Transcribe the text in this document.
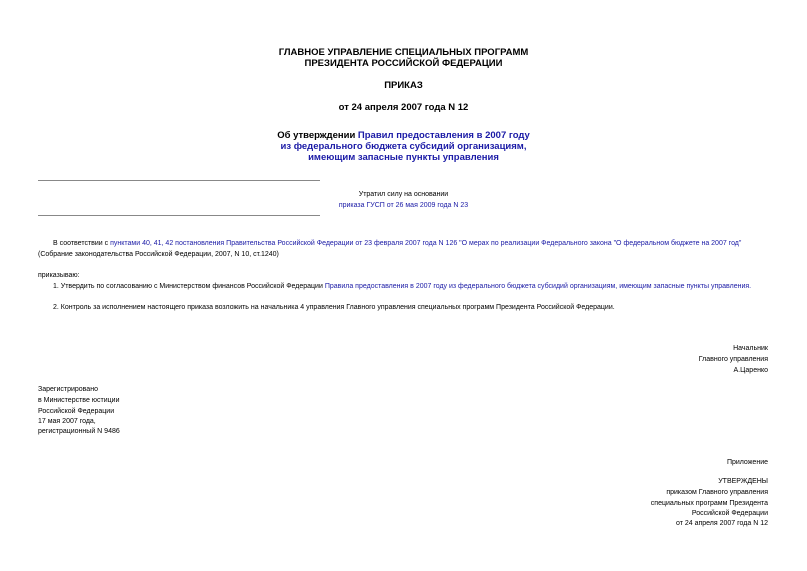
ГЛАВНОЕ УПРАВЛЕНИЕ СПЕЦИАЛЬНЫХ ПРОГРАММ
ПРЕЗИДЕНТА РОССИЙСКОЙ ФЕДЕРАЦИИ
ПРИКАЗ
от 24 апреля 2007 года N 12
Об утверждении Правил предоставления в 2007 году
из федерального бюджета субсидий организациям,
имеющим запасные пункты управления
Утратил силу на основании
приказа ГУСП от 26 мая 2009 года N 23
В соответствии с пунктами 40, 41, 42 постановления Правительства Российской Федерации от 23 февраля 2007 года N 126 "О мерах по реализации Федерального закона "О федеральном бюджете на 2007 год"
(Собрание законодательства Российской Федерации, 2007, N 10, ст.1240)
приказываю:
1. Утвердить по согласованию с Министерством финансов Российской Федерации Правила предоставления в 2007 году из федерального бюджета субсидий организациям, имеющим запасные пункты управления.
2. Контроль за исполнением настоящего приказа возложить на начальника 4 управления Главного управления специальных программ Президента Российской Федерации.
Начальник
Главного управления
А.Царенко
Зарегистрировано
в Министерстве юстиции
Российской Федерации
17 мая 2007 года,
регистрационный N 9486
Приложение
УТВЕРЖДЕНЫ
приказом Главного управления
специальных программ Президента
Российской Федерации
от 24 апреля 2007 года N 12
